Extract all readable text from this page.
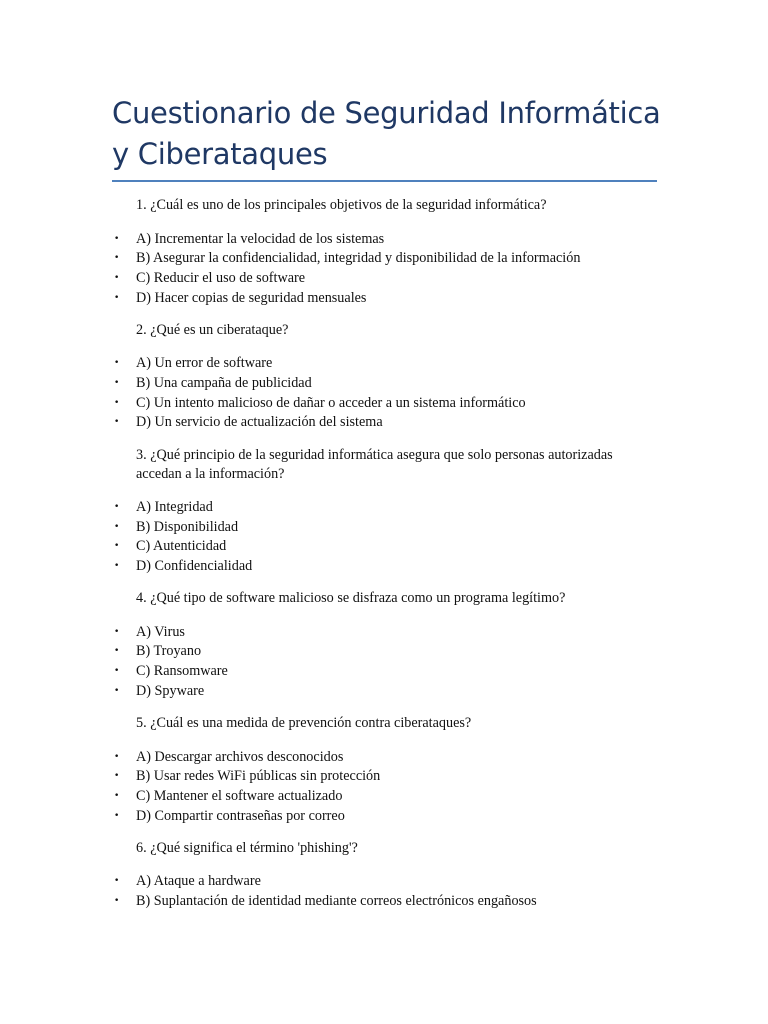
Cuestionario de Seguridad Informática y Ciberataques

1. ¿Cuál es uno de los principales objetivos de la seguridad informática?

• A) Incrementar la velocidad de los sistemas
• B) Asegurar la confidencialidad, integridad y disponibilidad de la información
• C) Reducir el uso de software
• D) Hacer copias de seguridad mensuales

2. ¿Qué es un ciberataque?

• A) Un error de software
• B) Una campaña de publicidad
• C) Un intento malicioso de dañar o acceder a un sistema informático
• D) Un servicio de actualización del sistema

3. ¿Qué principio de la seguridad informática asegura que solo personas autorizadas accedan a la información?

• A) Integridad
• B) Disponibilidad
• C) Autenticidad
• D) Confidencialidad

4. ¿Qué tipo de software malicioso se disfraza como un programa legítimo?

• A) Virus
• B) Troyano
• C) Ransomware
• D) Spyware

5. ¿Cuál es una medida de prevención contra ciberataques?

• A) Descargar archivos desconocidos
• B) Usar redes WiFi públicas sin protección
• C) Mantener el software actualizado
• D) Compartir contraseñas por correo

6. ¿Qué significa el término 'phishing'?

• A) Ataque a hardware
• B) Suplantación de identidad mediante correos electrónicos engañosos
